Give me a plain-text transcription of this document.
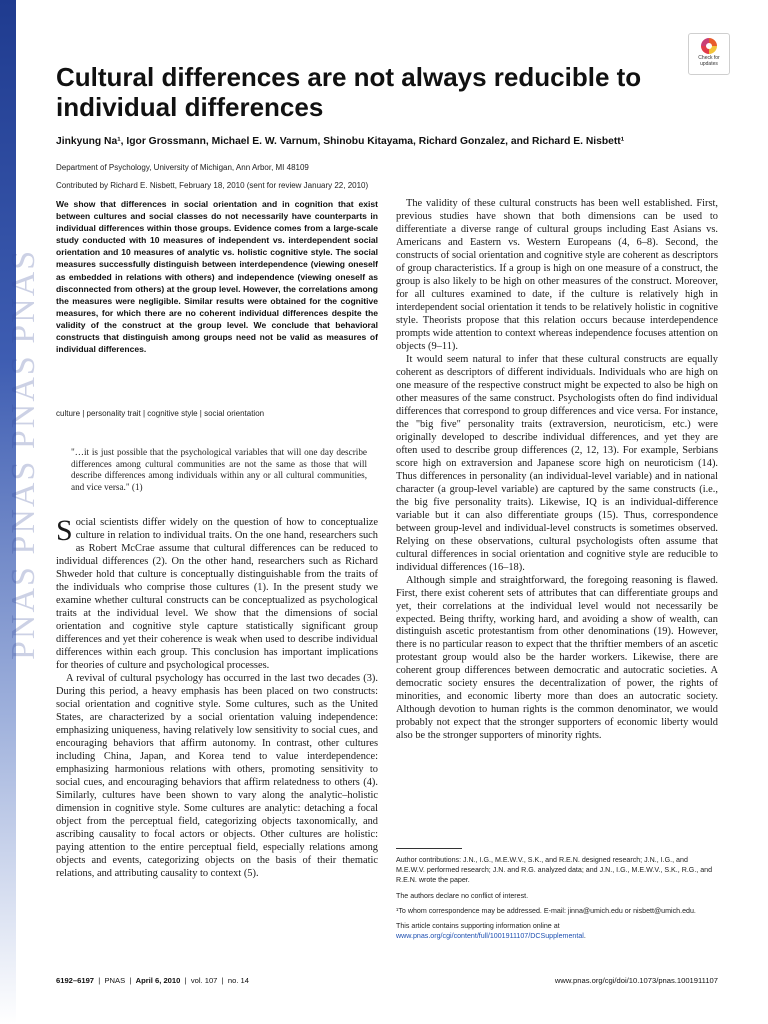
PNAS PNAS PNAS PNAS
Check for updates
Cultural differences are not always reducible to individual differences
Jinkyung Na¹, Igor Grossmann, Michael E. W. Varnum, Shinobu Kitayama, Richard Gonzalez, and Richard E. Nisbett¹
Department of Psychology, University of Michigan, Ann Arbor, MI 48109
Contributed by Richard E. Nisbett, February 18, 2010 (sent for review January 22, 2010)
We show that differences in social orientation and in cognition that exist between cultures and social classes do not necessarily have counterparts in individual differences within those groups. Evidence comes from a large-scale study conducted with 10 measures of independent vs. interdependent social orientation and 10 measures of analytic vs. holistic cognitive style. The social measures successfully distinguish between interdependence (viewing oneself as embedded in relations with others) and independence (viewing oneself as disconnected from others) at the group level. However, the correlations among the measures were negligible. Similar results were obtained for the cognitive measures, for which there are no coherent individual differences despite the validity of the construct at the group level. We conclude that behavioral constructs that distinguish among groups need not be valid as measures of individual differences.
culture | personality trait | cognitive style | social orientation
"…it is just possible that the psychological variables that will one day describe differences among cultural communities are not the same as those that will describe differences among individuals within any or all cultural communities, and vice versa." (1)

Social scientists differ widely on the question of how to conceptualize culture in relation to individual traits. On the one hand, researchers such as Robert McCrae assume that cultural differences can be reduced to individual differences (2). On the other hand, researchers such as Richard Shweder hold that culture is conceptually distinguishable from the traits of the individuals who comprise those cultures (1). In the present study we examine whether cultural constructs can be conceptualized as psychological traits at the individual level. We show that the dimensions of social orientation and cognitive style capture statistically significant group differences and yet their coherence is weak when used to describe individual differences within each group. This conclusion has important implications for theories of culture and psychological processes.

A revival of cultural psychology has occurred in the last two decades (3). During this period, a heavy emphasis has been placed on two constructs: social orientation and cognitive style. Some cultures, such as the United States, are characterized by a social orientation valuing independence: emphasizing uniqueness, having relatively low sensitivity to social cues, and encouraging behaviors that affirm autonomy. In contrast, other cultures including China, Japan, and Korea tend to value interdependence: emphasizing harmonious relations with others, promoting sensitivity to social cues, and encouraging behaviors that affirm relatedness to others (4). Similarly, cultures have been shown to vary along the analytic–holistic dimension in cognitive style. Some cultures are analytic: detaching a focal object from the perceptual field, categorizing objects taxonomically, and ascribing causality to focal actors or objects. Other cultures are holistic: paying attention to the entire perceptual field, especially relations among objects and events, categorizing objects on the basis of their thematic relations, and attributing causality to context (5).

The validity of these cultural constructs has been well established. First, previous studies have shown that both dimensions can be used to differentiate a diverse range of cultural groups including East Asians vs. Americans and Eastern vs. Western Europeans (4, 6–8). Second, the constructs of social orientation and cognitive style are coherent as descriptors of group characteristics. If a group is high on one measure of a construct, the group is also likely to be high on other measures of the construct. Moreover, for all cultures examined to date, if the culture is relatively high in interdependent social orientation it tends to be relatively holistic in cognitive style. Theorists propose that this relation occurs because interdependence prompts wide attention to context whereas independence focuses attention on objects (9–11).

It would seem natural to infer that these cultural constructs are equally coherent as descriptors of different individuals. Individuals who are high on one measure of the respective construct might be expected to also be high on other measures of the same construct. Psychologists often do find individual differences that correspond to group differences and vice versa. For instance, the "big five" personality traits (extraversion, neuroticism, etc.) were originally developed to describe individual differences, and yet they are often used to describe group differences (2, 12, 13). For example, Serbians score high on extraversion and Japanese score high on neuroticism (14). Thus differences in personality (an individual-level variable) and in national character (a group-level variable) are captured by the same constructs (i.e., the big five personality traits). Likewise, IQ is an individual-difference variable but it can also differentiate groups (15). Thus, correspondence between group-level and individual-level constructs is sometimes observed. Relying on these observations, cultural psychologists often assume that cultural differences in social orientation and cognitive style are reducible to individual differences (16–18).

Although simple and straightforward, the foregoing reasoning is flawed. First, there exist coherent sets of attributes that can differentiate groups and yet, their correlations at the individual level would not necessarily be expected. Being thrifty, working hard, and avoiding a show of wealth, can distinguish ascetic protestantism from other denominations (19). However, there is no particular reason to expect that the thriftier members of an ascetic protestant group would also be the harder workers. Likewise, there are coherent group differences between democratic and autocratic societies. A democratic society ensures the decentralization of power, the rights of minorities, and economic liberty more than does an autocratic society. Although devotion to human rights is the common denominator, we would probably not expect that the stronger supporters of economic liberty would also be the stronger supporters of minority rights.

Author contributions: J.N., I.G., M.E.W.V., S.K., and R.E.N. designed research; J.N., I.G., and M.E.W.V. performed research; J.N. and R.G. analyzed data; and J.N., I.G., M.E.W.V., S.K., R.G., and R.E.N. wrote the paper.

The authors declare no conflict of interest.

¹To whom correspondence may be addressed. E-mail: jinna@umich.edu or nisbett@umich.edu.

This article contains supporting information online at www.pnas.org/cgi/content/full/1001911107/DCSupplemental.

6192–6197  |  PNAS  |  April 6, 2010  |  vol. 107  |  no. 14	www.pnas.org/cgi/doi/10.1073/pnas.1001911107
